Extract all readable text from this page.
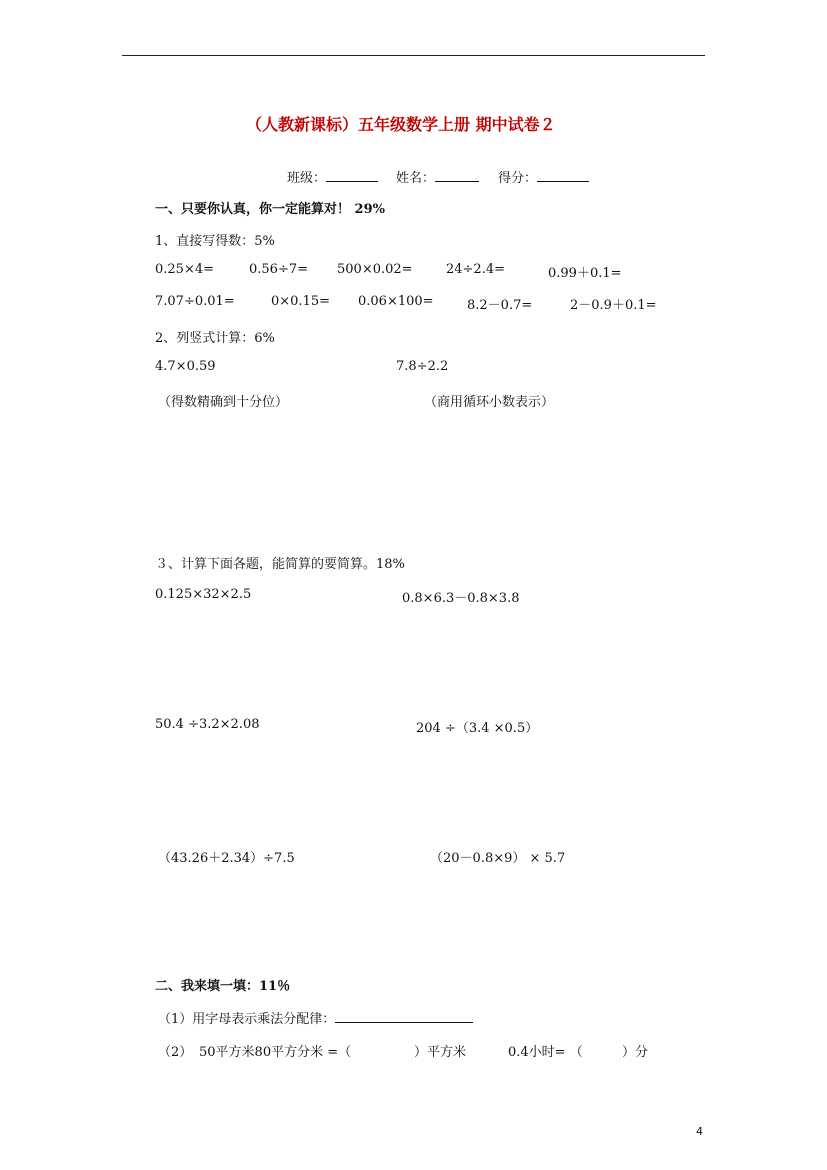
（人教新课标）五年级数学上册 期中试卷２
班级：	姓名：	得分：
一、只要你认真，你一定能算对！ 29%
1、直接写得数：5%
0.25×4=	0.56÷7= 500×0.02=	24÷2.4=	0.99＋0.1=
7.07÷0.01=	0×0.15= 0.06×100=	8.2－0.7=	2－0.9＋0.1=
2、列竖式计算：6%
4.7×0.59	7.8÷2.2
（得数精确到十分位）	（商用循环小数表示）
３、计算下面各题，能简算的要简算。18%
0.125×32×2.5	0.8×6.3－0.8×3.8
50.4 ÷3.2×2.08	204 ÷（3.4 ×0.5）
（43.26＋2.34）÷7.5	（20－0.8×9） × 5.7
二、我来填一填：11％
（1）用字母表示乘法分配律：
（2） 50平方米80平方分米 =（	）平方米	0.4小时= （	）分
4
